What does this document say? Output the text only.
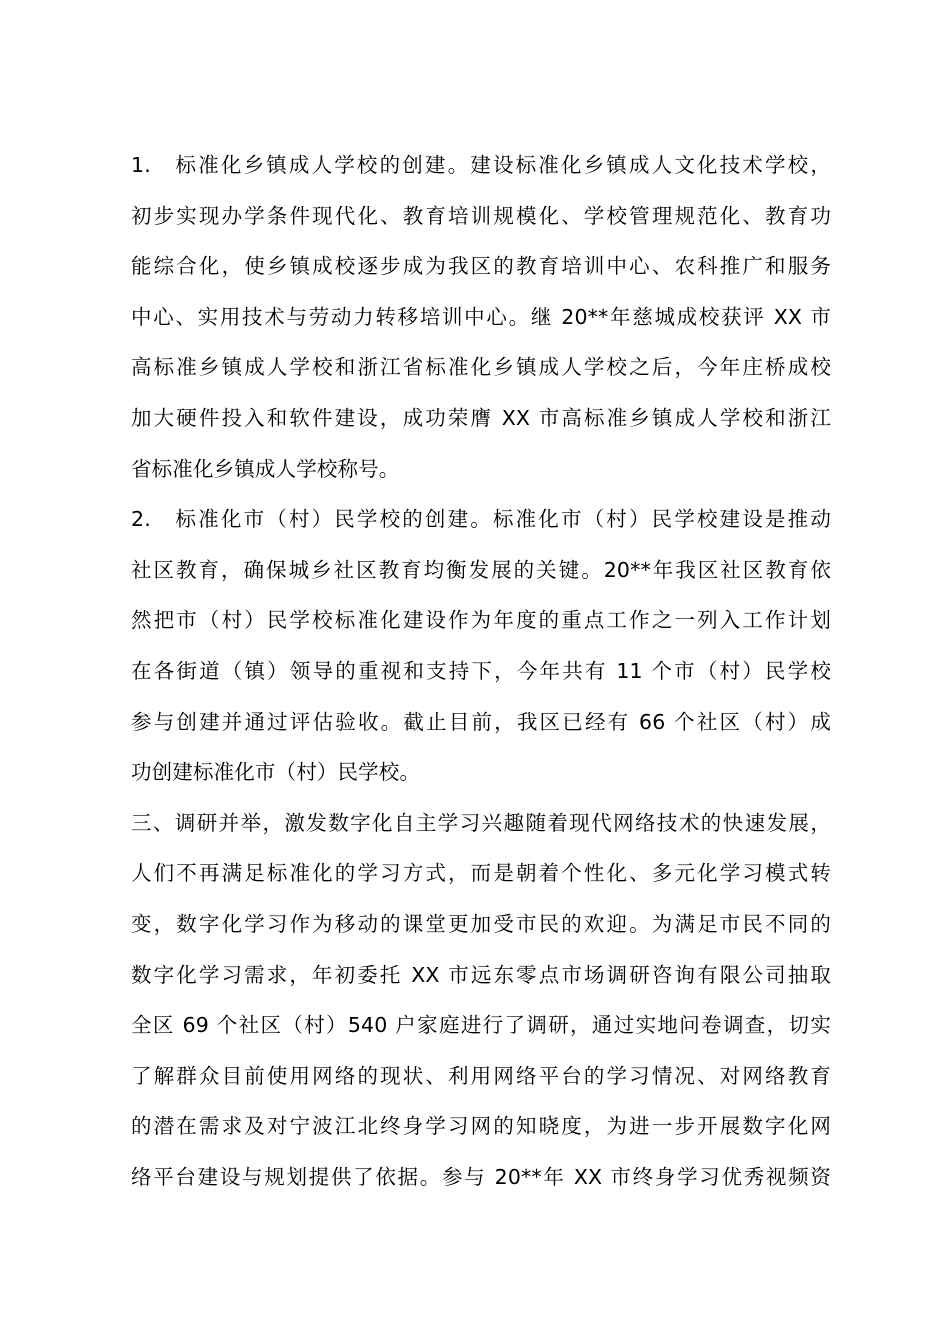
1.　标准化乡镇成人学校的创建。建设标准化乡镇成人文化技术学校，
初步实现办学条件现代化、教育培训规模化、学校管理规范化、教育功
能综合化，使乡镇成校逐步成为我区的教育培训中心、农科推广和服务
中心、实用技术与劳动力转移培训中心。继 20**年慈城成校获评 XX 市
高标准乡镇成人学校和浙江省标准化乡镇成人学校之后，今年庄桥成校
加大硬件投入和软件建设，成功荣膺 XX 市高标准乡镇成人学校和浙江
省标准化乡镇成人学校称号。
2.　标准化市（村）民学校的创建。标准化市（村）民学校建设是推动
社区教育，确保城乡社区教育均衡发展的关键。20**年我区社区教育依
然把市（村）民学校标准化建设作为年度的重点工作之一列入工作计划
在各街道（镇）领导的重视和支持下，今年共有 11 个市（村）民学校
参与创建并通过评估验收。截止目前，我区已经有 66 个社区（村）成
功创建标准化市（村）民学校。
三、调研并举，激发数字化自主学习兴趣随着现代网络技术的快速发展，
人们不再满足标准化的学习方式，而是朝着个性化、多元化学习模式转
变，数字化学习作为移动的课堂更加受市民的欢迎。为满足市民不同的
数字化学习需求，年初委托 XX 市远东零点市场调研咨询有限公司抽取
全区 69 个社区（村）540 户家庭进行了调研，通过实地问卷调查，切实
了解群众目前使用网络的现状、利用网络平台的学习情况、对网络教育
的潜在需求及对宁波江北终身学习网的知晓度，为进一步开展数字化网
络平台建设与规划提供了依据。参与 20**年 XX 市终身学习优秀视频资
